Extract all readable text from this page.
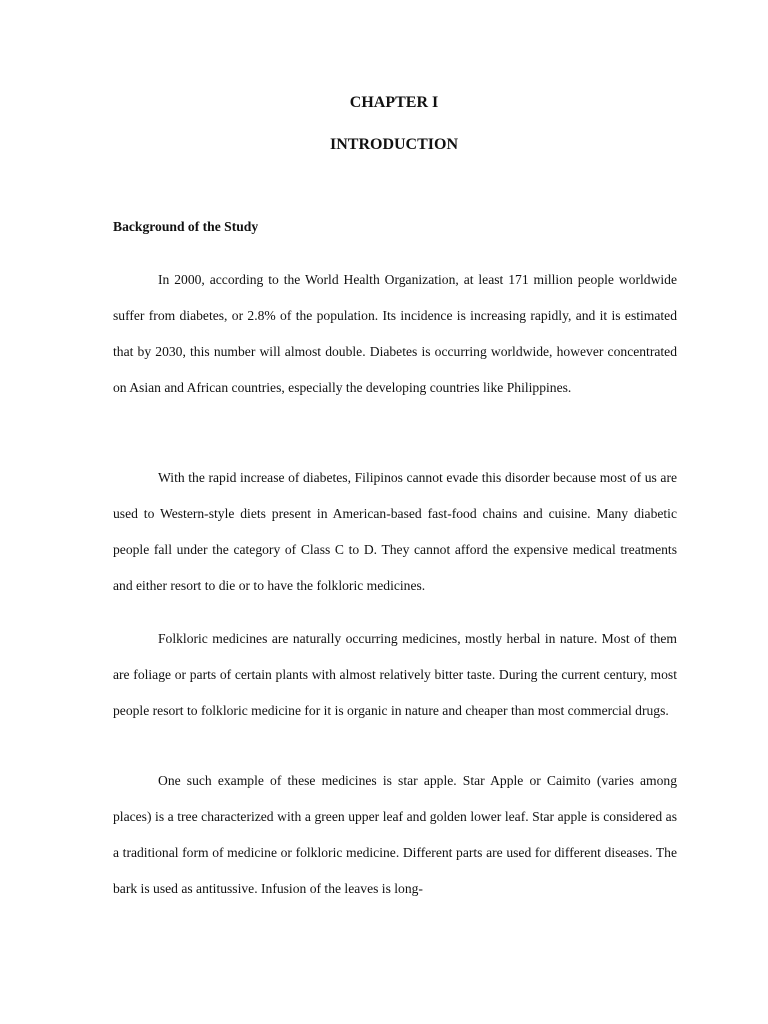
CHAPTER I
INTRODUCTION
Background of the Study

In 2000, according to the World Health Organization, at least 171 million people worldwide suffer from diabetes, or 2.8% of the population. Its incidence is increasing rapidly, and it is estimated that by 2030, this number will almost double. Diabetes is occurring worldwide, however concentrated on Asian and African countries, especially the developing countries like Philippines.

With the rapid increase of diabetes, Filipinos cannot evade this disorder because most of us are used to Western-style diets present in American-based fast-food chains and cuisine. Many diabetic people fall under the category of Class C to D. They cannot afford the expensive medical treatments and either resort to die or to have the folkloric medicines.

Folkloric medicines are naturally occurring medicines, mostly herbal in nature. Most of them are foliage or parts of certain plants with almost relatively bitter taste. During the current century, most people resort to folkloric medicine for it is organic in nature and cheaper than most commercial drugs.

One such example of these medicines is star apple. Star Apple or Caimito (varies among places) is a tree characterized with a green upper leaf and golden lower leaf. Star apple is considered as a traditional form of medicine or folkloric medicine. Different parts are used for different diseases. The bark is used as antitussive. Infusion of the leaves is long-
